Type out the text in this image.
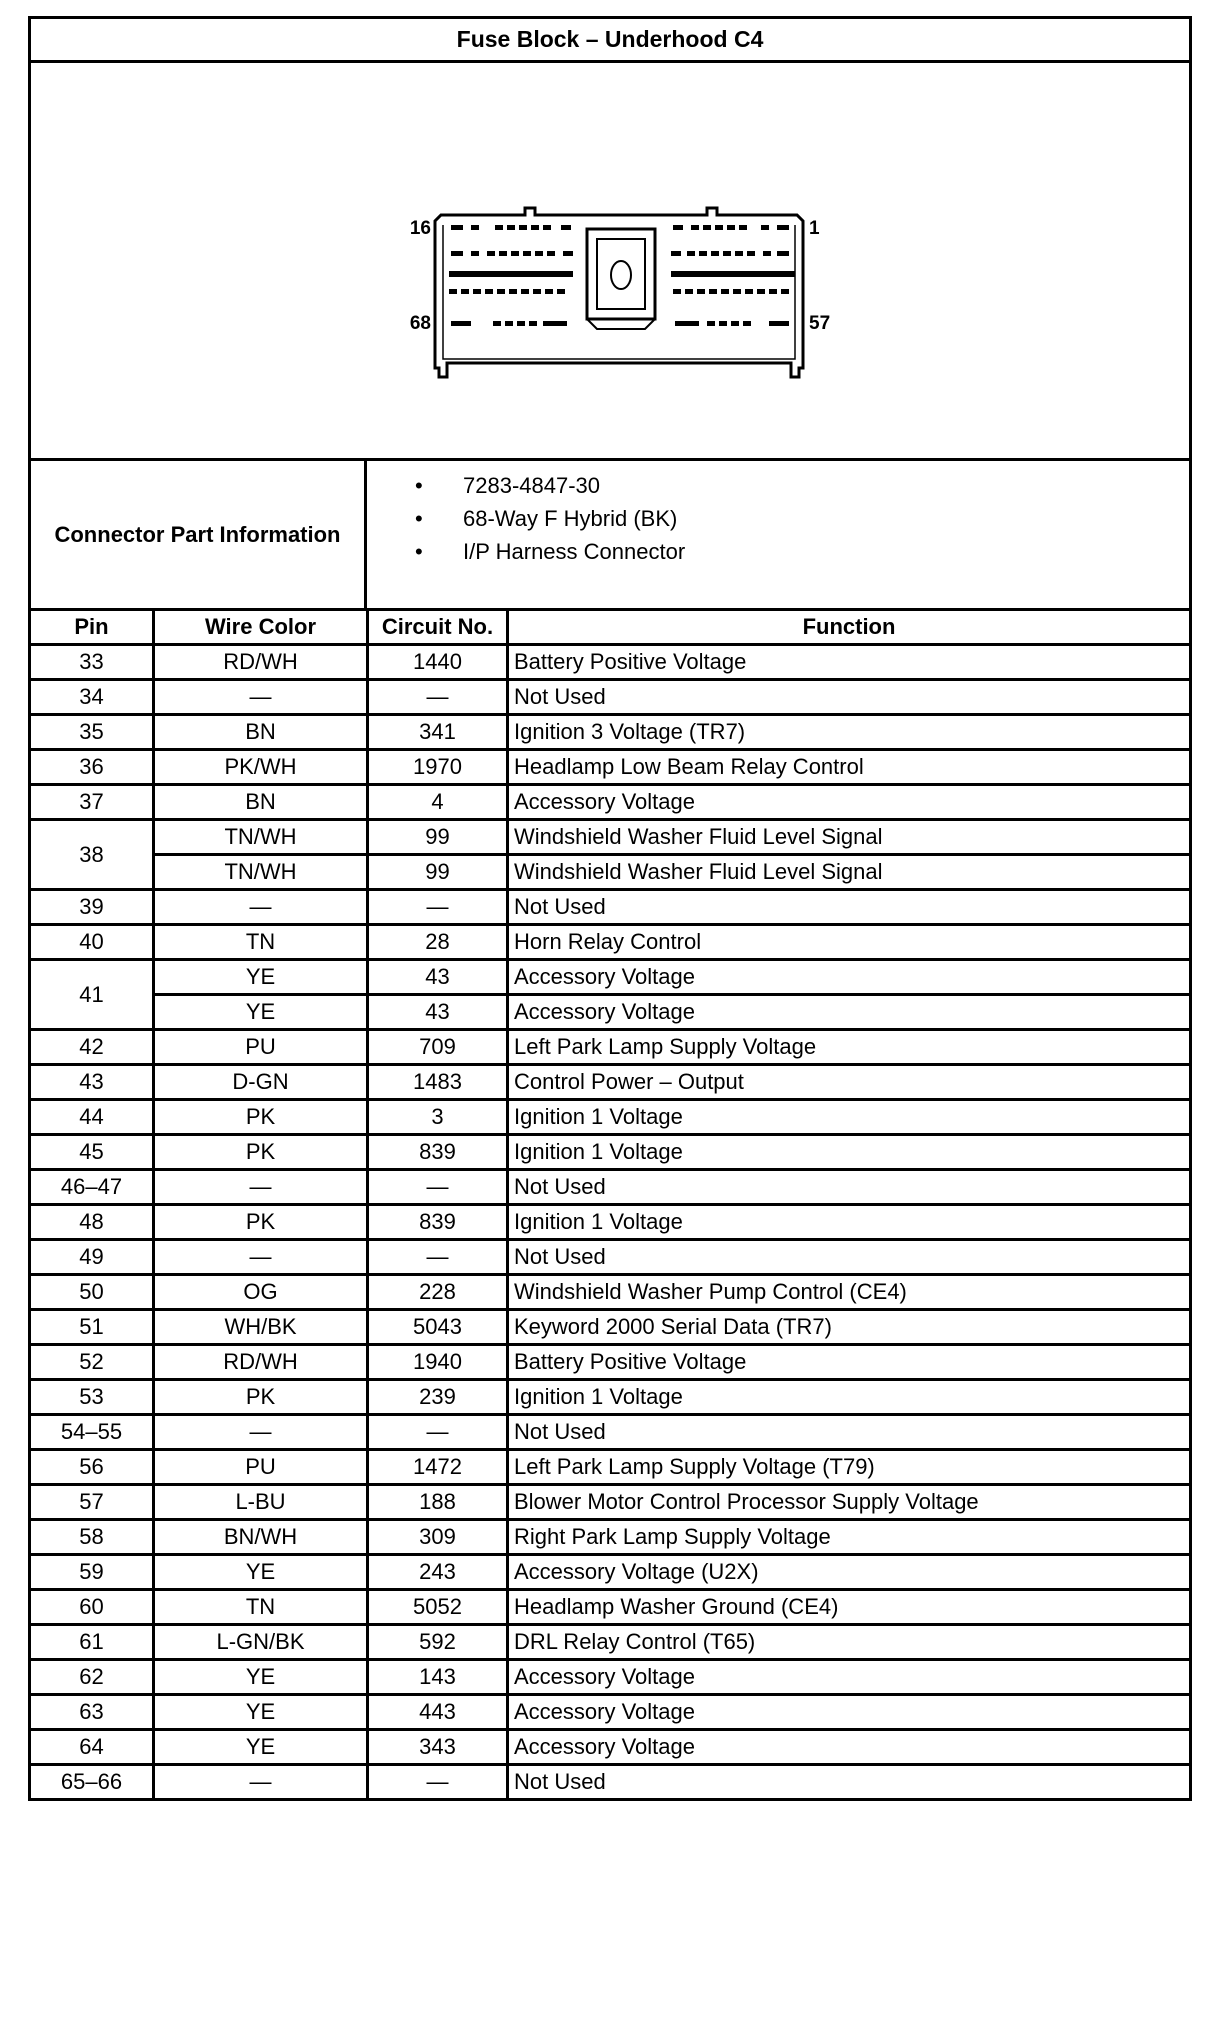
Fuse Block – Underhood C4
16	1
68	57
Connector Part Information
•	7283-4847-30
•	68-Way F Hybrid (BK)
•	I/P Harness Connector
Pin	Wire Color	Circuit No.	Function
33	RD/WH	1440	Battery Positive Voltage
34	—	—	Not Used
35	BN	341	Ignition 3 Voltage (TR7)
36	PK/WH	1970	Headlamp Low Beam Relay Control
37	BN	4	Accessory Voltage
38	TN/WH	99	Windshield Washer Fluid Level Signal
	TN/WH	99	Windshield Washer Fluid Level Signal
39	—	—	Not Used
40	TN	28	Horn Relay Control
41	YE	43	Accessory Voltage
	YE	43	Accessory Voltage
42	PU	709	Left Park Lamp Supply Voltage
43	D-GN	1483	Control Power – Output
44	PK	3	Ignition 1 Voltage
45	PK	839	Ignition 1 Voltage
46–47	—	—	Not Used
48	PK	839	Ignition 1 Voltage
49	—	—	Not Used
50	OG	228	Windshield Washer Pump Control (CE4)
51	WH/BK	5043	Keyword 2000 Serial Data (TR7)
52	RD/WH	1940	Battery Positive Voltage
53	PK	239	Ignition 1 Voltage
54–55	—	—	Not Used
56	PU	1472	Left Park Lamp Supply Voltage (T79)
57	L-BU	188	Blower Motor Control Processor Supply Voltage
58	BN/WH	309	Right Park Lamp Supply Voltage
59	YE	243	Accessory Voltage (U2X)
60	TN	5052	Headlamp Washer Ground (CE4)
61	L-GN/BK	592	DRL Relay Control (T65)
62	YE	143	Accessory Voltage
63	YE	443	Accessory Voltage
64	YE	343	Accessory Voltage
65–66	—	—	Not Used
